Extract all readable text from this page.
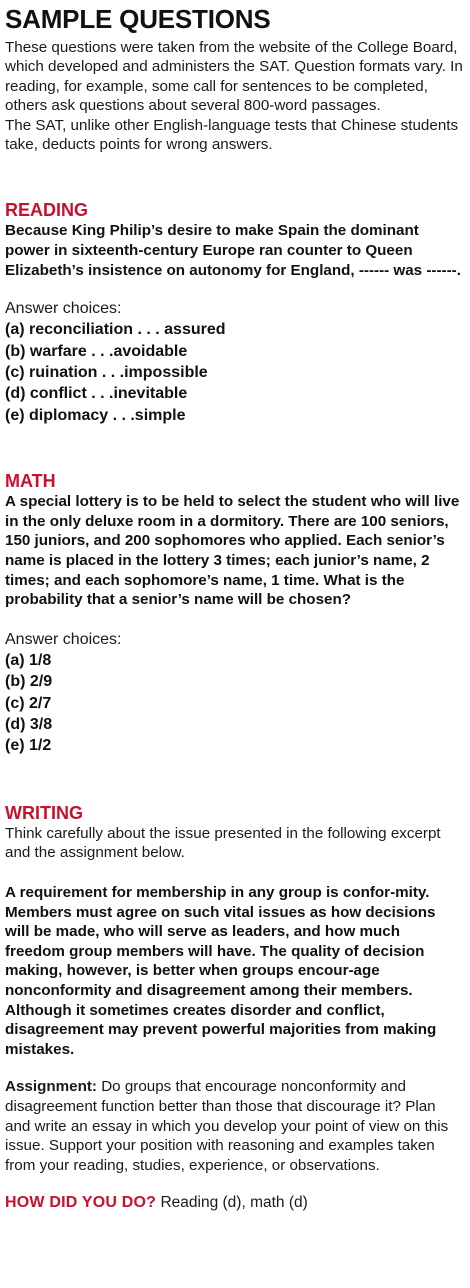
SAMPLE QUESTIONS

These questions were taken from the website of the College Board, which developed and administers the SAT. Question formats vary. In reading, for example, some call for sentences to be completed, others ask questions about several 800-word passages.

The SAT, unlike other English-language tests that Chinese students take, deducts points for wrong answers.

READING

Because King Philip’s desire to make Spain the dominant power in sixteenth-century Europe ran counter to Queen Elizabeth’s insistence on autonomy for England, ------ was ------.

Answer choices:

(a) reconciliation . . . assured
(b) warfare . . .avoidable
(c) ruination . . .impossible
(d) conflict . . .inevitable
(e) diplomacy . . .simple
MATH

A special lottery is to be held to select the student who will live in the only deluxe room in a dormitory. There are 100 seniors, 150 juniors, and 200 sophomores who applied. Each senior’s name is placed in the lottery 3 times; each junior’s name, 2 times; and each sophomore’s name, 1 time. What is the probability that a senior’s name will be chosen?

Answer choices:

(a) 1/8
(b) 2/9
(c) 2/7
(d) 3/8
(e) 1/2
WRITING

Think carefully about the issue presented in the following excerpt and the assignment below.

A requirement for membership in any group is confor-mity. Members must agree on such vital issues as how decisions will be made, who will serve as leaders, and how much freedom group members will have. The quality of decision making, however, is better when groups encour-age nonconformity and disagreement among their members. Although it sometimes creates disorder and conflict, disagreement may prevent powerful majorities from making mistakes.

Assignment: Do groups that encourage nonconformity and disagreement function better than those that discourage it? Plan and write an essay in which you develop your point of view on this issue. Support your position with reasoning and examples taken from your reading, studies, experience, or observations.

HOW DID YOU DO? Reading (d), math (d)
